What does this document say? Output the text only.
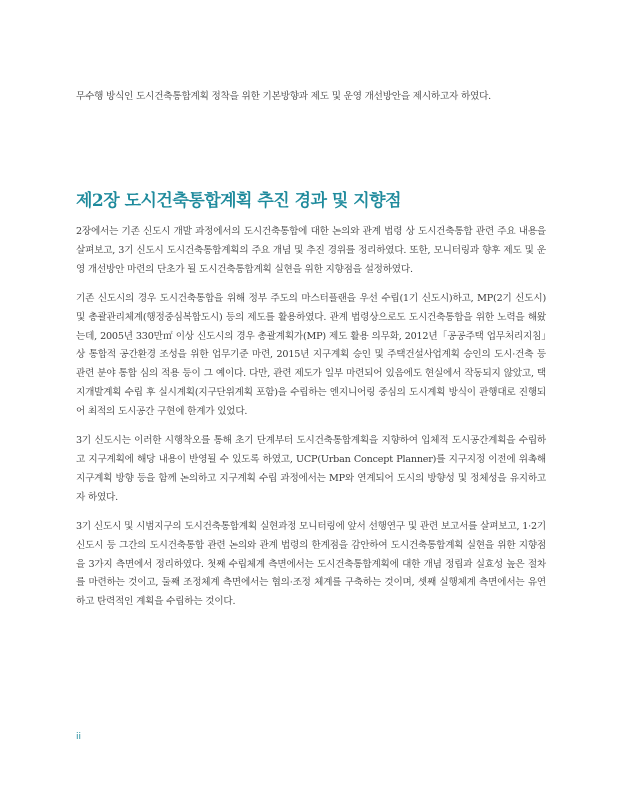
무수행 방식인 도시건축통합계획 정착을 위한 기본방향과 제도 및 운영 개선방안을 제시하고자 하였다.

제2장 도시건축통합계획 추진 경과 및 지향점

2장에서는 기존 신도시 개발 과정에서의 도시건축통합에 대한 논의와 관계 법령 상 도시건축통합 관련 주요 내용을 살펴보고, 3기 신도시 도시건축통합계획의 주요 개념 및 추진 경위를 정리하였다. 또한, 모니터링과 향후 제도 및 운영 개선방안 마련의 단초가 될 도시건축통합계획 실현을 위한 지향점을 설정하였다.

기존 신도시의 경우 도시건축통합을 위해 정부 주도의 마스터플랜을 우선 수립(1기 신도시)하고, MP(2기 신도시) 및 총괄관리체계(행정중심복합도시) 등의 제도를 활용하였다. 관계 법령상으로도 도시건축통합을 위한 노력을 해왔는데, 2005년 330만㎡ 이상 신도시의 경우 총괄계획가(MP) 제도 활용 의무화, 2012년「공공주택 업무처리지침」상 통합적 공간환경 조성을 위한 업무기준 마련, 2015년 지구계획 승인 및 주택건설사업계획 승인의 도시·건축 등 관련 분야 통합 심의 적용 등이 그 예이다. 다만, 관련 제도가 일부 마련되어 있음에도 현실에서 작동되지 않았고, 택지개발계획 수립 후 실시계획(지구단위계획 포함)을 수립하는 엔지니어링 중심의 도시계획 방식이 관행대로 진행되어 최적의 도시공간 구현에 한계가 있었다.

3기 신도시는 이러한 시행착오를 통해 초기 단계부터 도시건축통합계획을 지향하여 입체적 도시공간계획을 수립하고 지구계획에 해당 내용이 반영될 수 있도록 하였고, UCP(Urban Concept Planner)를 지구지정 이전에 위촉해 지구계획 방향 등을 함께 논의하고 지구계획 수립 과정에서는 MP와 연계되어 도시의 방향성 및 정체성을 유지하고자 하였다.

3기 신도시 및 시범지구의 도시건축통합계획 실현과정 모니터링에 앞서 선행연구 및 관련 보고서를 살펴보고, 1·2기 신도시 등 그간의 도시건축통합 관련 논의와 관계 법령의 한계점을 감안하여 도시건축통합계획 실현을 위한 지향점을 3가지 측면에서 정리하였다. 첫째 수립체계 측면에서는 도시건축통합계획에 대한 개념 정립과 실효성 높은 절차를 마련하는 것이고, 둘째 조정체계 측면에서는 협의·조정 체계를 구축하는 것이며, 셋째 실행체계 측면에서는 유연하고 탄력적인 계획을 수립하는 것이다.

ii
